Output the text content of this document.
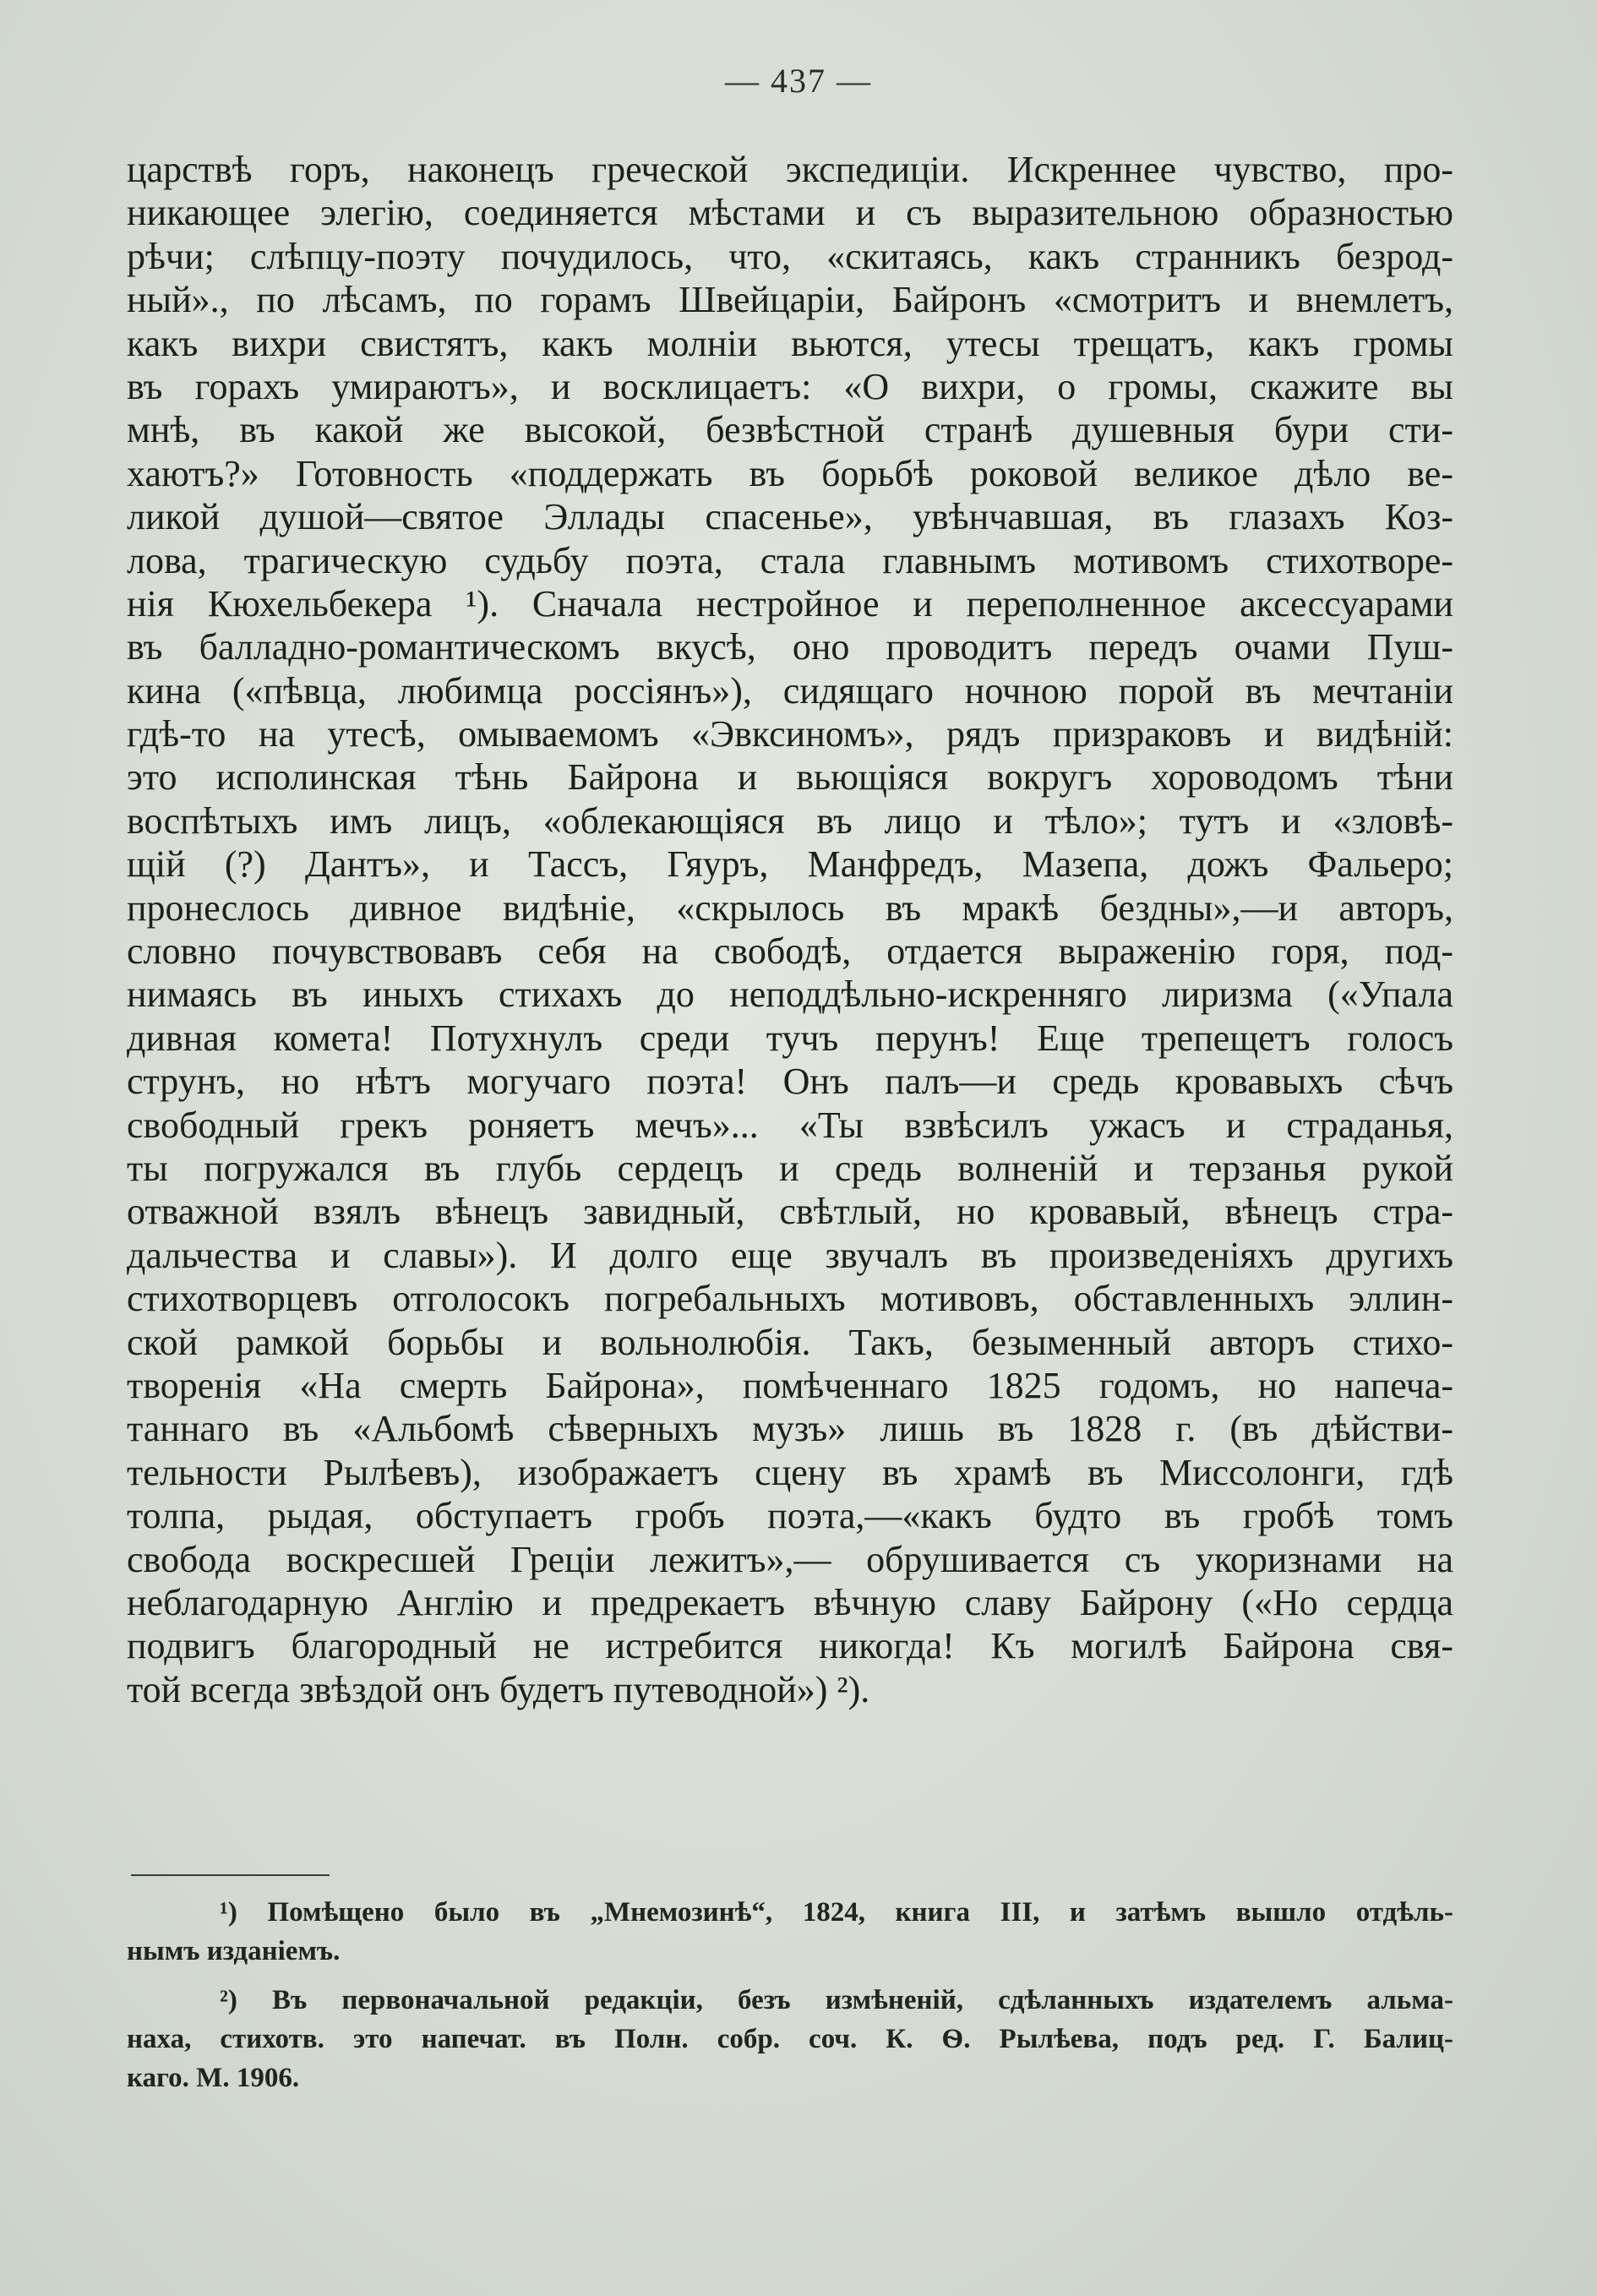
— 437 —
царствѣ горъ, наконецъ греческой экспедиціи. Искреннее чувство, про-
никающее элегію, соединяется мѣстами и съ выразительною образностью
рѣчи; слѣпцу-поэту почудилось, что, «скитаясь, какъ странникъ безрод-
ный»., по лѣсамъ, по горамъ Швейцаріи, Байронъ «смотритъ и внемлетъ,
какъ вихри свистятъ, какъ молніи вьются, утесы трещатъ, какъ громы
въ горахъ умираютъ», и восклицаетъ: «О вихри, о громы, скажите вы
мнѣ, въ какой же высокой, безвѣстной странѣ душевныя бури сти-
хаютъ?» Готовность «поддержать въ борьбѣ роковой великое дѣло ве-
ликой душой—святое Эллады спасенье», увѣнчавшая, въ глазахъ Коз-
лова, трагическую судьбу поэта, стала главнымъ мотивомъ стихотворе-
нія Кюхельбекера ¹). Сначала нестройное и переполненное аксессуарами
въ балладно-романтическомъ вкусѣ, оно проводитъ передъ очами Пуш-
кина («пѣвца, любимца россіянъ»), сидящаго ночною порой въ мечтаніи
гдѣ-то на утесѣ, омываемомъ «Эвксиномъ», рядъ призраковъ и видѣній:
это исполинская тѣнь Байрона и вьющіяся вокругъ хороводомъ тѣни
воспѣтыхъ имъ лицъ, «облекающіяся въ лицо и тѣло»; тутъ и «зловѣ-
щій (?) Дантъ», и Тассъ, Гяуръ, Манфредъ, Мазепа, дожъ Фальеро;
пронеслось дивное видѣніе, «скрылось въ мракѣ бездны»,—и авторъ,
словно почувствовавъ себя на свободѣ, отдается выраженію горя, под-
нимаясь въ иныхъ стихахъ до неподдѣльно-искренняго лиризма («Упала
дивная комета! Потухнулъ среди тучъ перунъ! Еще трепещетъ голосъ
струнъ, но нѣтъ могучаго поэта! Онъ палъ—и средь кровавыхъ сѣчъ
свободный грекъ роняетъ мечъ»... «Ты взвѣсилъ ужасъ и страданья,
ты погружался въ глубь сердецъ и средь волненій и терзанья рукой
отважной взялъ вѣнецъ завидный, свѣтлый, но кровавый, вѣнецъ стра-
дальчества и славы»). И долго еще звучалъ въ произведеніяхъ другихъ
стихотворцевъ отголосокъ погребальныхъ мотивовъ, обставленныхъ эллин-
ской рамкой борьбы и вольнолюбія. Такъ, безыменный авторъ стихо-
творенія «На смерть Байрона», помѣченнаго 1825 годомъ, но напеча-
таннаго въ «Альбомѣ сѣверныхъ музъ» лишь въ 1828 г. (въ дѣйстви-
тельности Рылѣевъ), изображаетъ сцену въ храмѣ въ Миссолонги, гдѣ
толпа, рыдая, обступаетъ гробъ поэта,—«какъ будто въ гробѣ томъ
свобода воскресшей Греціи лежитъ»,— обрушивается съ укоризнами на
неблагодарную Англію и предрекаетъ вѣчную славу Байрону («Но сердца
подвигъ благородный не истребится никогда! Къ могилѣ Байрона свя-
той всегда звѣздой онъ будетъ путеводной») ²).
¹) Помѣщено было въ „Мнемозинѣ“, 1824, книга III, и затѣмъ вышло отдѣль-
нымъ изданіемъ.
²) Въ первоначальной редакціи, безъ измѣненій, сдѣланныхъ издателемъ альма-
наха, стихотв. это напечат. въ Полн. собр. соч. К. Ѳ. Рылѣева, подъ ред. Г. Балиц-
каго. М. 1906.
